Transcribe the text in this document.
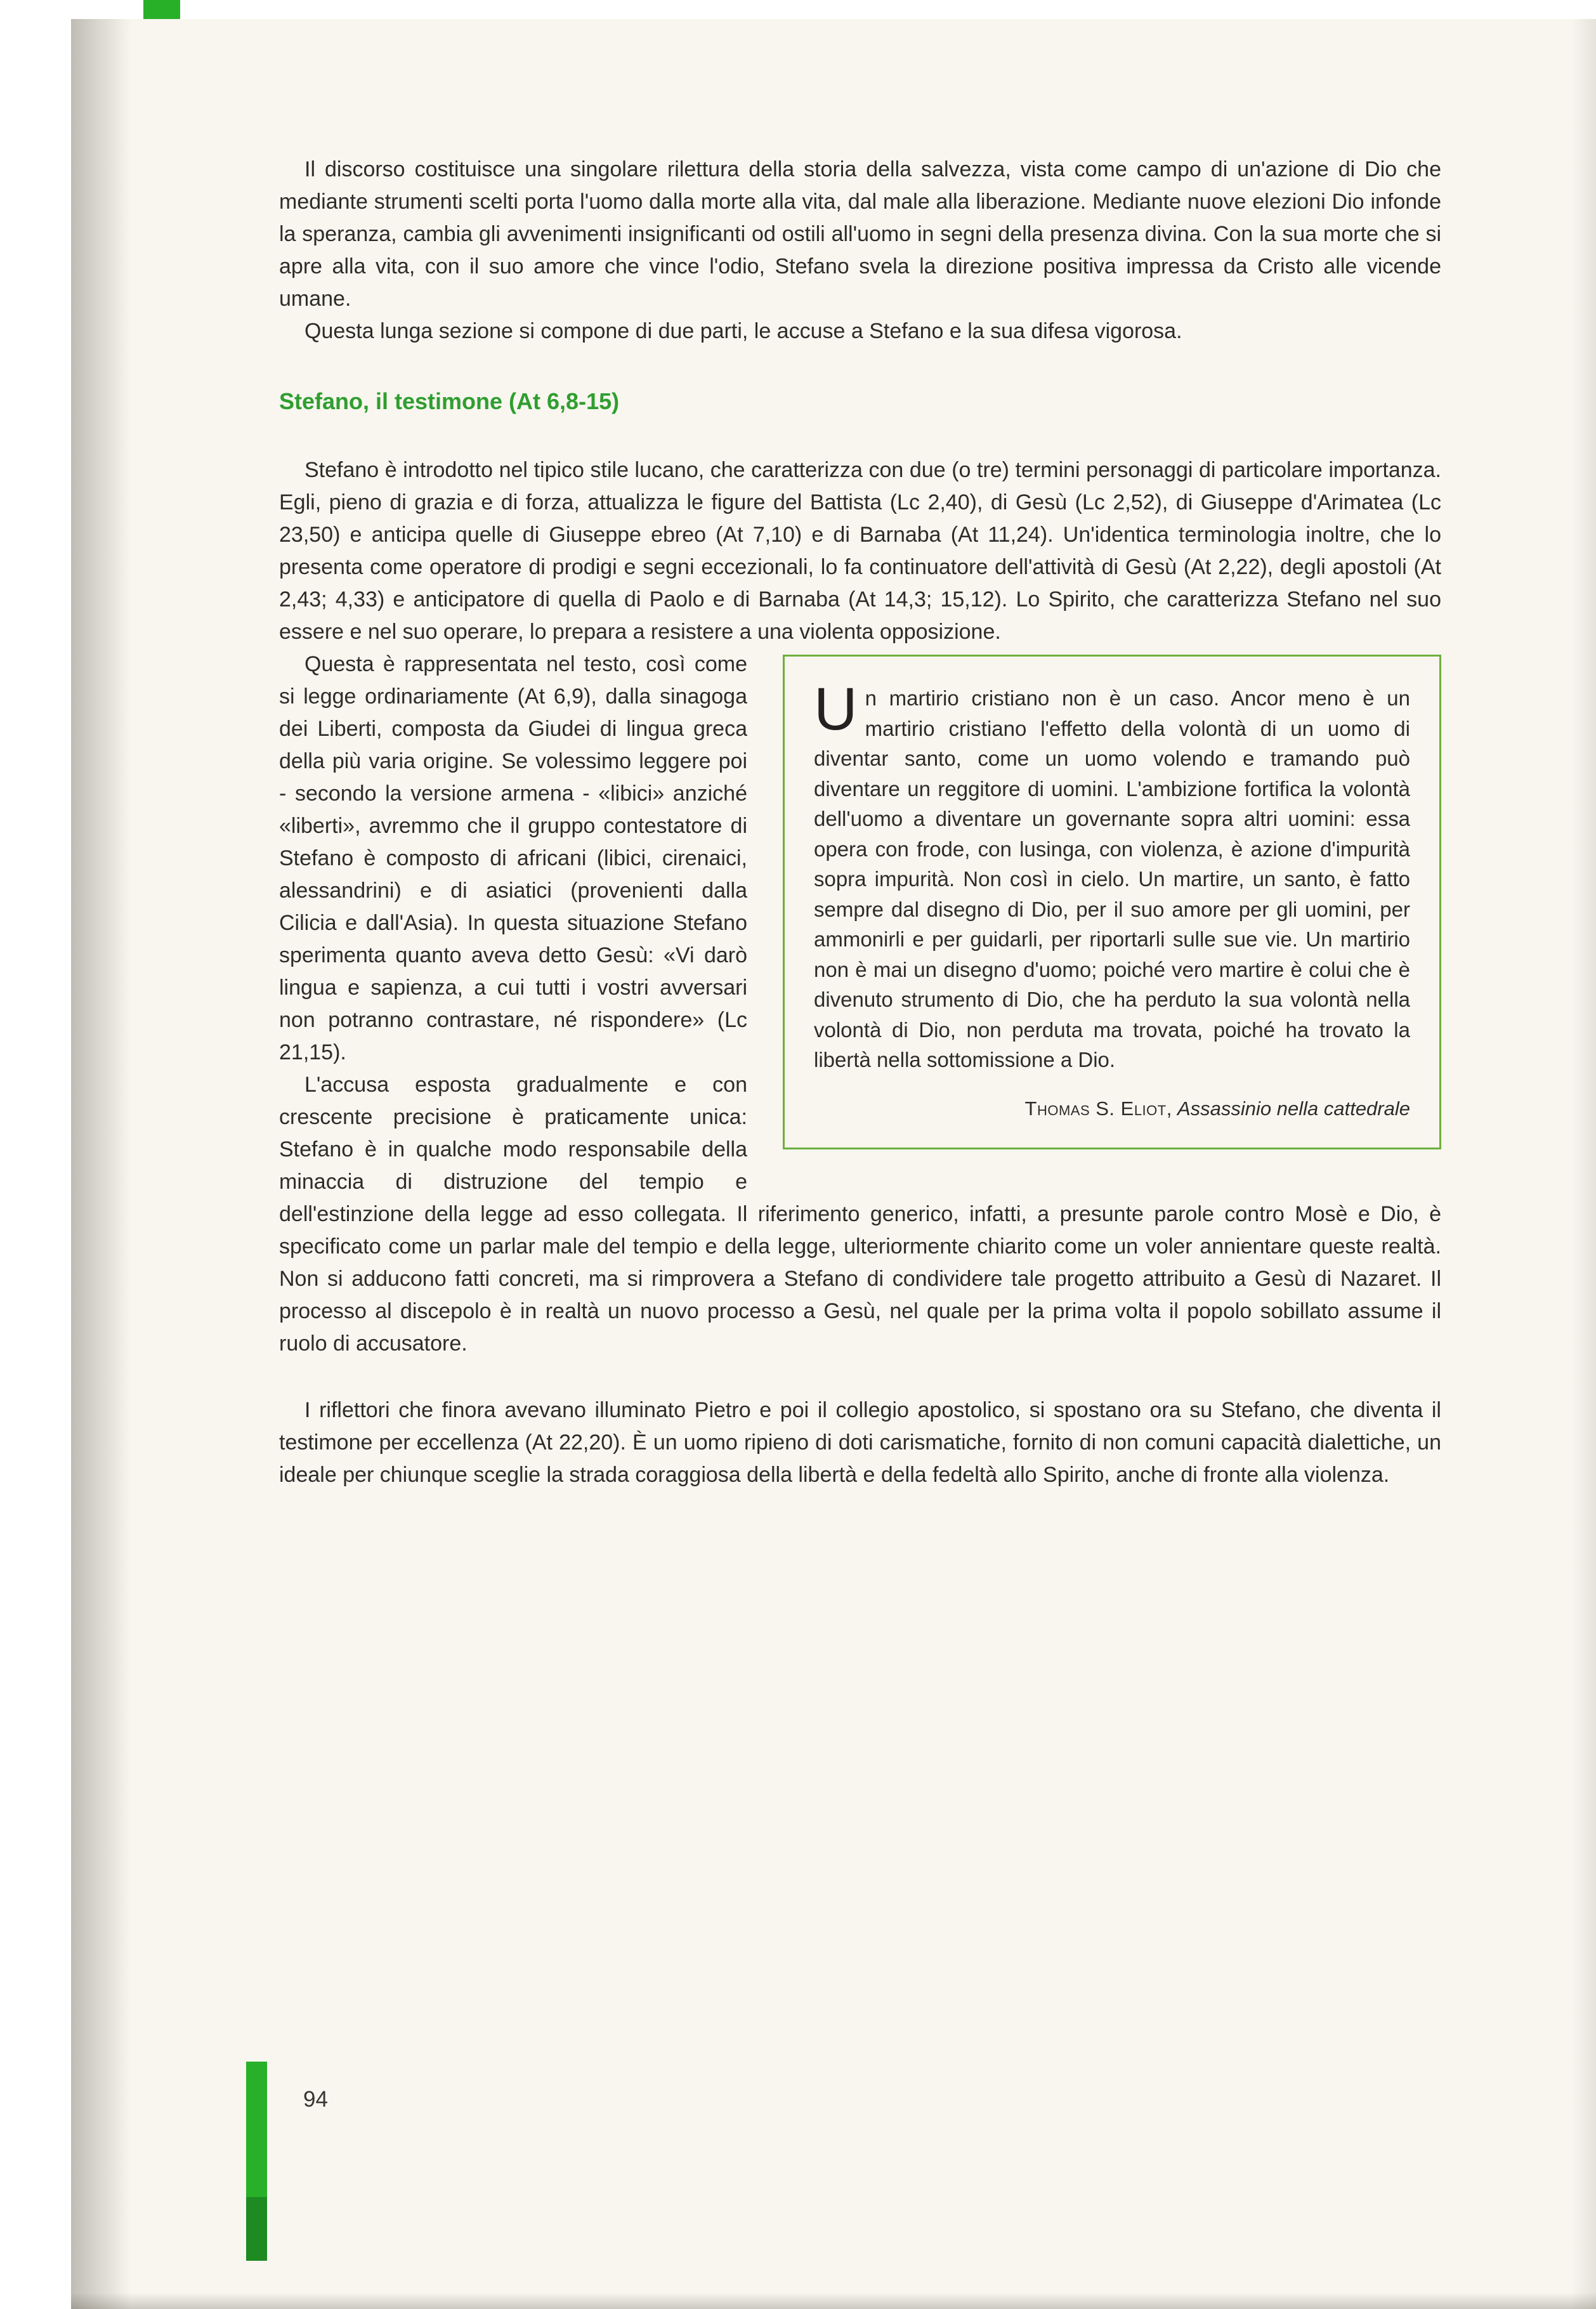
Il discorso costituisce una singolare rilettura della storia della salvezza, vista come campo di un'azione di Dio che mediante strumenti scelti porta l'uomo dalla morte alla vita, dal male alla liberazione. Mediante nuove elezioni Dio infonde la speranza, cambia gli avvenimenti insignificanti od ostili all'uomo in segni della presenza divina. Con la sua morte che si apre alla vita, con il suo amore che vince l'odio, Stefano svela la direzione positiva impressa da Cristo alle vicende umane.

Questa lunga sezione si compone di due parti, le accuse a Stefano e la sua difesa vigorosa.

Stefano, il testimone (At 6,8-15)

Stefano è introdotto nel tipico stile lucano, che caratterizza con due (o tre) termini personaggi di particolare importanza. Egli, pieno di grazia e di forza, attualizza le figure del Battista (Lc 2,40), di Gesù (Lc 2,52), di Giuseppe d'Arimatea (Lc 23,50) e anticipa quelle di Giuseppe ebreo (At 7,10) e di Barnaba (At 11,24). Un'identica terminologia inoltre, che lo presenta come operatore di prodigi e segni eccezionali, lo fa continuatore dell'attività di Gesù (At 2,22), degli apostoli (At 2,43; 4,33) e anticipatore di quella di Paolo e di Barnaba (At 14,3; 15,12). Lo Spirito, che caratterizza Stefano nel suo essere e nel suo operare, lo prepara a resistere a una violenta opposizione.

Un martirio cristiano non è un caso. Ancor meno è un martirio cristiano l'effetto della volontà di un uomo di diventar santo, come un uomo volendo e tramando può diventare un reggitore di uomini. L'ambizione fortifica la volontà dell'uomo a diventare un governante sopra altri uomini: essa opera con frode, con lusinga, con violenza, è azione d'impurità sopra impurità. Non così in cielo. Un martire, un santo, è fatto sempre dal disegno di Dio, per il suo amore per gli uomini, per ammonirli e per guidarli, per riportarli sulle sue vie. Un martirio non è mai un disegno d'uomo; poiché vero martire è colui che è divenuto strumento di Dio, che ha perduto la sua volontà nella volontà di Dio, non perduta ma trovata, poiché ha trovato la libertà nella sottomissione a Dio.

Thomas S. Eliot, Assassinio nella cattedrale

Questa è rappresentata nel testo, così come si legge ordinariamente (At 6,9), dalla sinagoga dei Liberti, composta da Giudei di lingua greca della più varia origine. Se volessimo leggere poi - secondo la versione armena - «libici» anziché «liberti», avremmo che il gruppo contestatore di Stefano è composto di africani (libici, cirenaici, alessandrini) e di asiatici (provenienti dalla Cilicia e dall'Asia). In questa situazione Stefano sperimenta quanto aveva detto Gesù: «Vi darò lingua e sapienza, a cui tutti i vostri avversari non potranno contrastare, né rispondere» (Lc 21,15).

L'accusa esposta gradualmente e con crescente precisione è praticamente unica: Stefano è in qualche modo responsabile della minaccia di distruzione del tempio e dell'estinzione della legge ad esso collegata. Il riferimento generico, infatti, a presunte parole contro Mosè e Dio, è specificato come un parlar male del tempio e della legge, ulteriormente chiarito come un voler annientare queste realtà. Non si adducono fatti concreti, ma si rimprovera a Stefano di condividere tale progetto attribuito a Gesù di Nazaret. Il processo al discepolo è in realtà un nuovo processo a Gesù, nel quale per la prima volta il popolo sobillato assume il ruolo di accusatore.

I riflettori che finora avevano illuminato Pietro e poi il collegio apostolico, si spostano ora su Stefano, che diventa il testimone per eccellenza (At 22,20). È un uomo ripieno di doti carismatiche, fornito di non comuni capacità dialettiche, un ideale per chiunque sceglie la strada coraggiosa della libertà e della fedeltà allo Spirito, anche di fronte alla violenza.

94
